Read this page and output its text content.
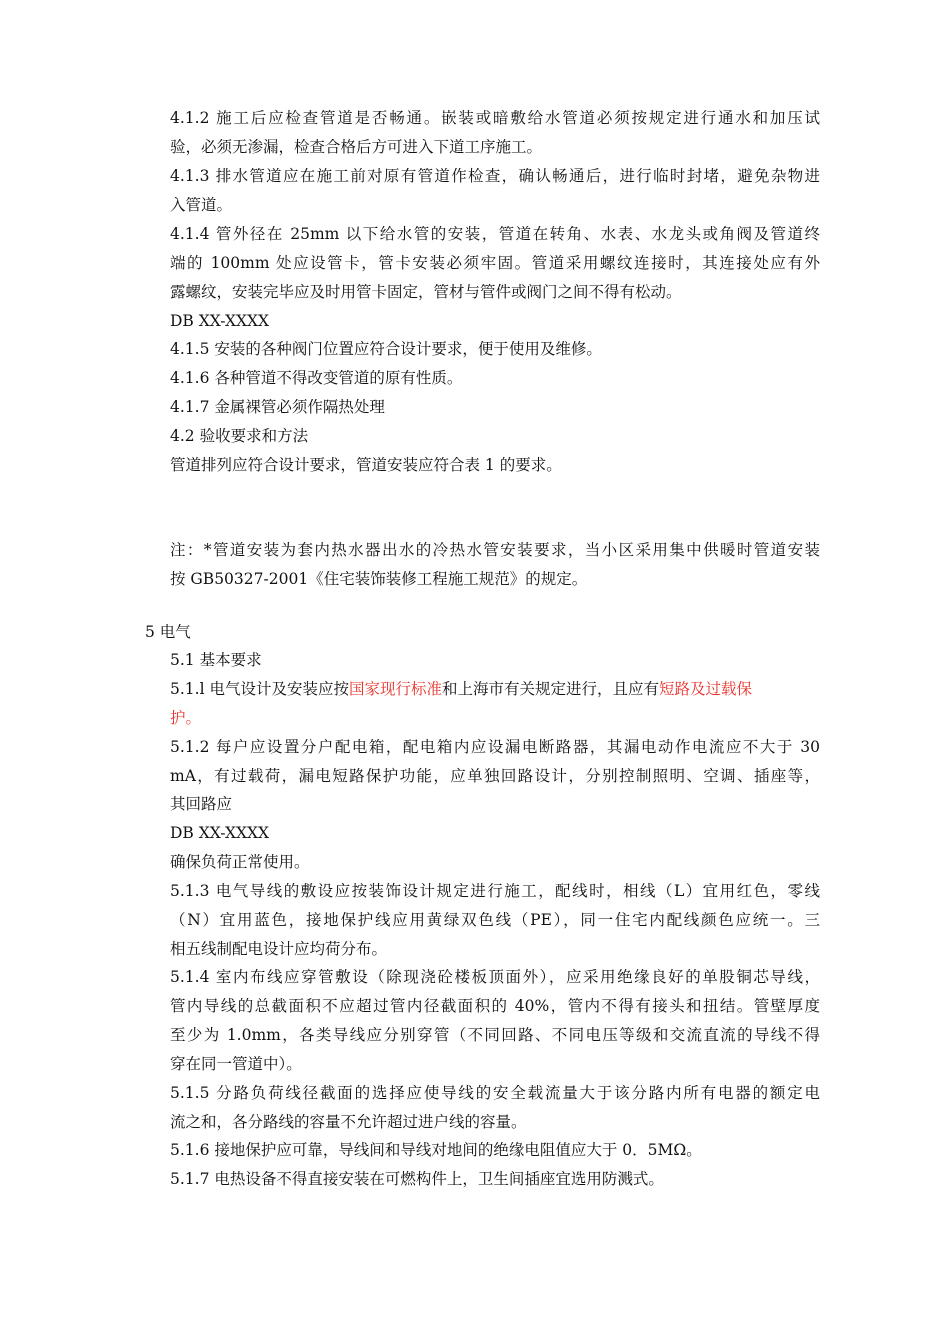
4.1.2 施工后应检查管道是否畅通。嵌装或暗敷给水管道必须按规定进行通水和加压试
验，必须无渗漏，检查合格后方可进入下道工序施工。
4.1.3 排水管道应在施工前对原有管道作检查，确认畅通后，进行临时封堵，避免杂物进
入管道。
4.1.4 管外径在 25mm 以下给水管的安装，管道在转角、水表、水龙头或角阀及管道终
端的 100mm 处应设管卡，管卡安装必须牢固。管道采用螺纹连接时，其连接处应有外
露螺纹，安装完毕应及时用管卡固定，管材与管件或阀门之间不得有松动。
DB XX-XXXX
4.1.5 安装的各种阀门位置应符合设计要求，便于使用及维修。
4.1.6 各种管道不得改变管道的原有性质。
4.1.7 金属裸管必须作隔热处理
4.2 验收要求和方法
管道排列应符合设计要求，管道安装应符合表 1 的要求。
注：*管道安装为套内热水器出水的冷热水管安装要求，当小区采用集中供暖时管道安装
按 GB50327-2001《住宅装饰装修工程施工规范》的规定。
5 电气
5.1 基本要求
5.1.l 电气设计及安装应按国家现行标准和上海市有关规定进行，且应有短路及过载保
护。
5.1.2 每户应设置分户配电箱，配电箱内应设漏电断路器，其漏电动作电流应不大于 30
mA，有过载荷，漏电短路保护功能，应单独回路设计，分别控制照明、空调、插座等，
其回路应
DB XX-XXXX
确保负荷正常使用。
5.1.3 电气导线的敷设应按装饰设计规定进行施工，配线时，相线（L）宜用红色，零线
（N）宜用蓝色，接地保护线应用黄绿双色线（PE），同一住宅内配线颜色应统一。三
相五线制配电设计应均荷分布。
5.1.4 室内布线应穿管敷设（除现浇砼楼板顶面外），应采用绝缘良好的单股铜芯导线，
管内导线的总截面积不应超过管内径截面积的 40%，管内不得有接头和扭结。管壁厚度
至少为 1.0mm，各类导线应分别穿管（不同回路、不同电压等级和交流直流的导线不得
穿在同一管道中）。
5.1.5 分路负荷线径截面的选择应使导线的安全载流量大于该分路内所有电器的额定电
流之和，各分路线的容量不允许超过进户线的容量。
5.1.6 接地保护应可靠，导线间和导线对地间的绝缘电阻值应大于 0．5MΩ。
5.1.7 电热设备不得直接安装在可燃构件上，卫生间插座宜选用防溅式。
